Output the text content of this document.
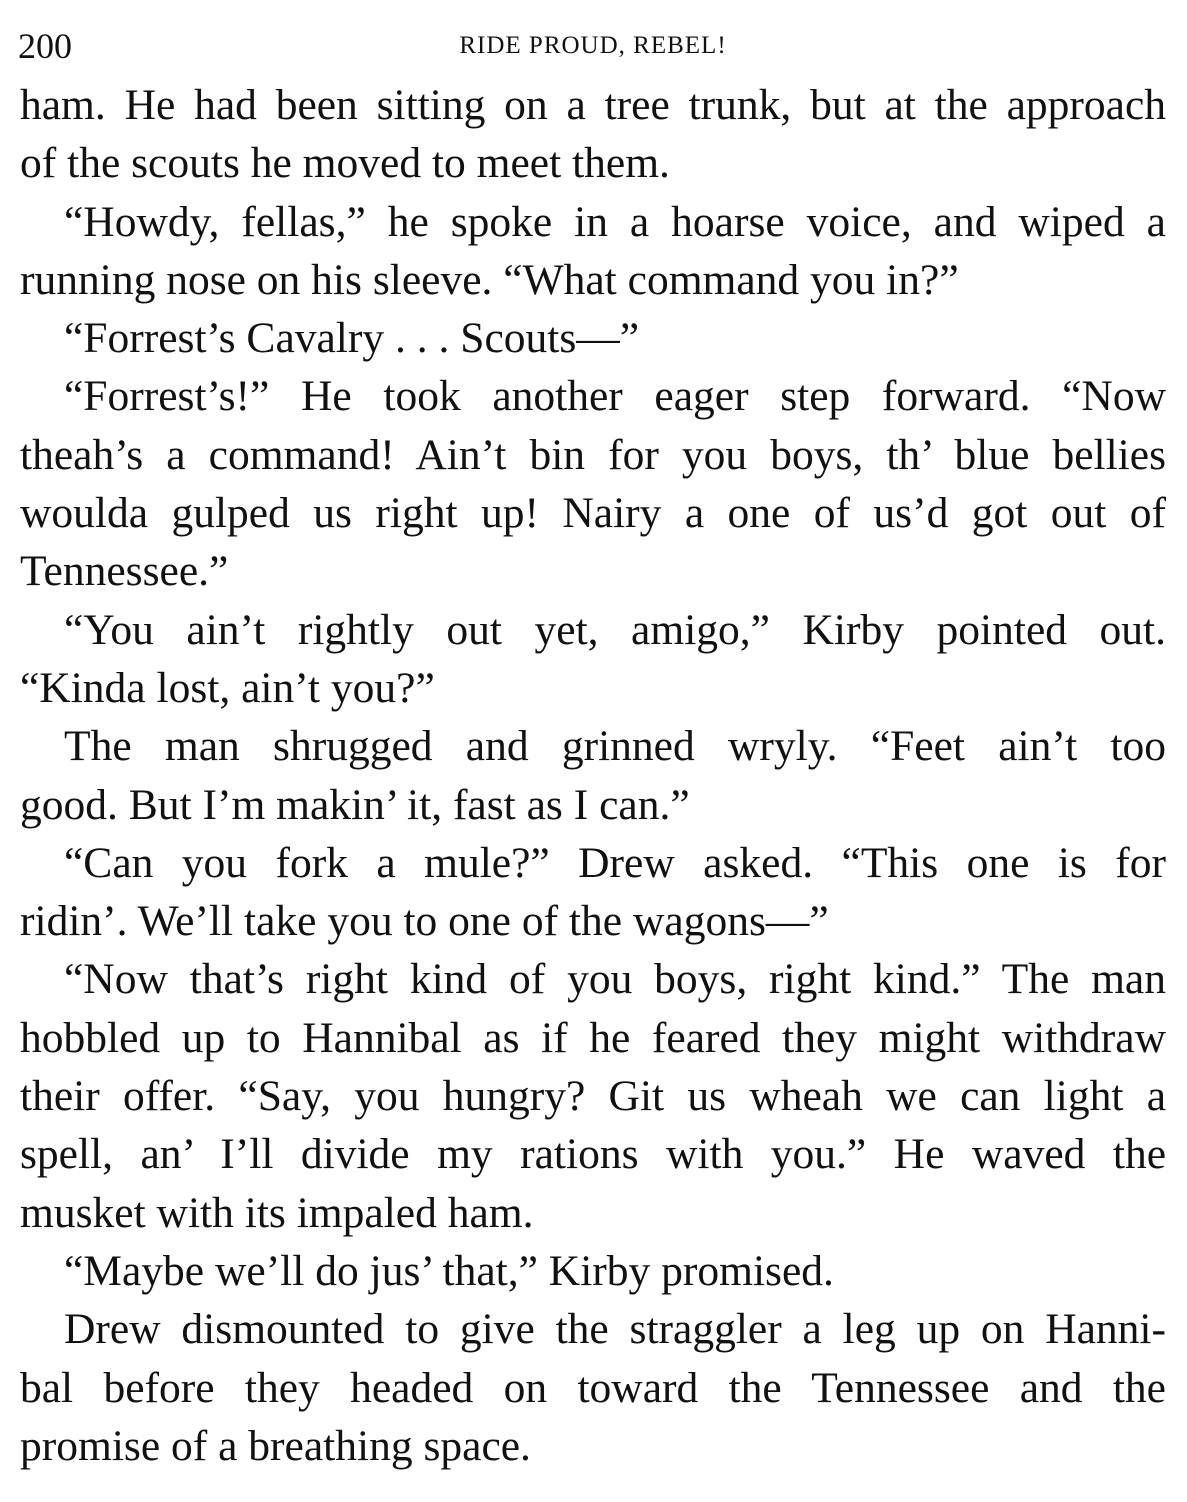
200	RIDE PROUD, REBEL!
ham. He had been sitting on a tree trunk, but at the approach
of the scouts he moved to meet them.
“Howdy, fellas,” he spoke in a hoarse voice, and wiped a
running nose on his sleeve. “What command you in?”
“Forrest’s Cavalry . . . Scouts—”
“Forrest’s!” He took another eager step forward. “Now
theah’s a command! Ain’t bin for you boys, th’ blue bellies
woulda gulped us right up! Nairy a one of us’d got out of
Tennessee.”
“You ain’t rightly out yet, amigo,” Kirby pointed out.
“Kinda lost, ain’t you?”
The man shrugged and grinned wryly. “Feet ain’t too
good. But I’m makin’ it, fast as I can.”
“Can you fork a mule?” Drew asked. “This one is for
ridin’. We’ll take you to one of the wagons—”
“Now that’s right kind of you boys, right kind.” The man
hobbled up to Hannibal as if he feared they might withdraw
their offer. “Say, you hungry? Git us wheah we can light a
spell, an’ I’ll divide my rations with you.” He waved the
musket with its impaled ham.
“Maybe we’ll do jus’ that,” Kirby promised.
Drew dismounted to give the straggler a leg up on Hanni-
bal before they headed on toward the Tennessee and the
promise of a breathing space.
